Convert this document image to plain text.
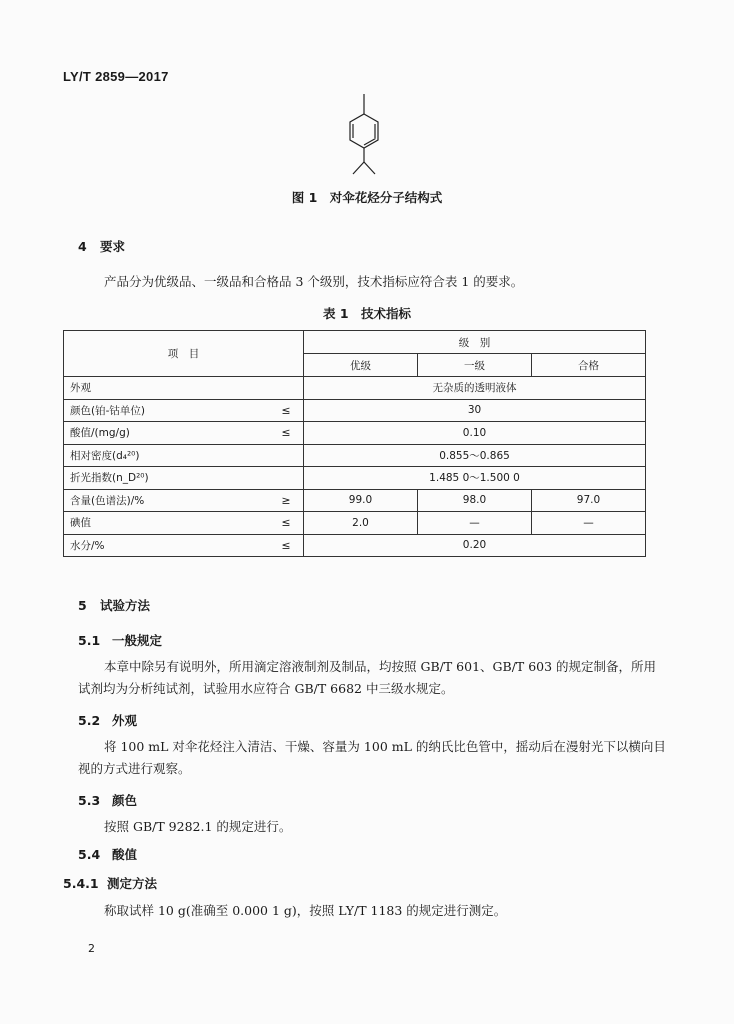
LY/T 2859—2017
图 1　对伞花烃分子结构式
4 要求
产品分为优级品、一级品和合格品 3 个级别，技术指标应符合表 1 的要求。
表 1　技术指标
项　目		级　别		
		优级	一级	合格
外观		无杂质的透明液体		
颜色(铂-钴单位)	≤	30		
酸值/(mg/g)	≤	0.10		
相对密度(d₄²⁰)		0.855～0.865		
折光指数(n_D²⁰)		1.485 0～1.500 0		
含量(色谱法)/%	≥	99.0	98.0	97.0
碘值	≤	2.0	—	—
水分/%	≤	0.20		
5 试验方法
5.1 一般规定
本章中除另有说明外，所用滴定溶液制剂及制品，均按照 GB/T 601、GB/T 603 的规定制备，所用
试剂均为分析纯试剂，试验用水应符合 GB/T 6682 中三级水规定。
5.2 外观
将 100 mL 对伞花烃注入清洁、干燥、容量为 100 mL 的纳氏比色管中，摇动后在漫射光下以横向目
视的方式进行观察。
5.3 颜色
按照 GB/T 9282.1 的规定进行。
5.4 酸值
5.4.1 测定方法
称取试样 10 g(准确至 0.000 1 g)，按照 LY/T 1183 的规定进行测定。
2
